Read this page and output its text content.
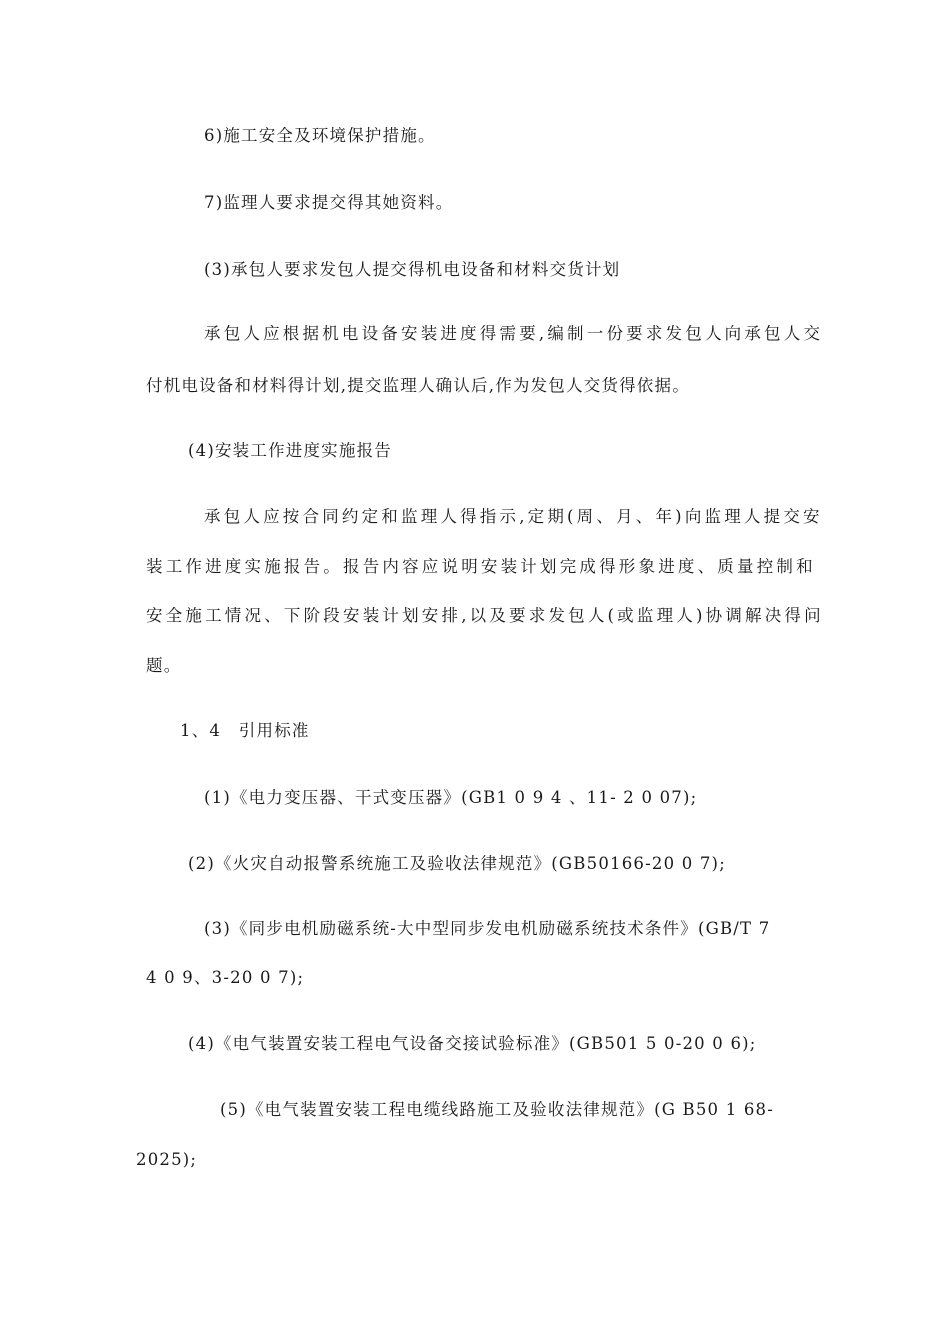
6)施工安全及环境保护措施。
7)监理人要求提交得其她资料。
(3)承包人要求发包人提交得机电设备和材料交货计划
承包人应根据机电设备安装进度得需要,编制一份要求发包人向承包人交
付机电设备和材料得计划,提交监理人确认后,作为发包人交货得依据。
(4)安装工作进度实施报告
承包人应按合同约定和监理人得指示,定期(周、月、年)向监理人提交安
装工作进度实施报告。报告内容应说明安装计划完成得形象进度、质量控制和
安全施工情况、下阶段安装计划安排,以及要求发包人(或监理人)协调解决得问
题。
1、4　引用标准
(1)《电力变压器、干式变压器》(GB1 0 9 4 、11- 2 0 07);
(2)《火灾自动报警系统施工及验收法律规范》(GB50166-20 0 7);
(3)《同步电机励磁系统-大中型同步发电机励磁系统技术条件》(GB/T 7
4 0 9、3-20 0 7);
(4)《电气装置安装工程电气设备交接试验标准》(GB501 5 0-20 0 6);
(5)《电气装置安装工程电缆线路施工及验收法律规范》(G B50 1 68-
2025);
